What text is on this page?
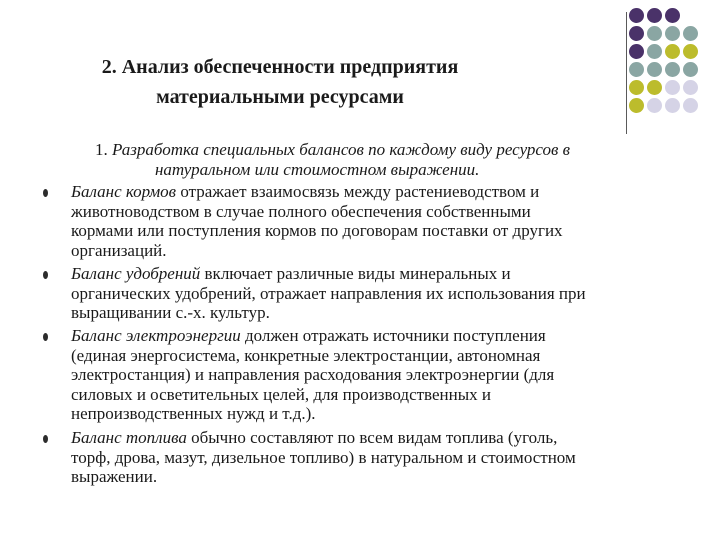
2. Анализ обеспеченности предприятия
материальными ресурсами
1. Разработка специальных балансов по каждому виду ресурсов в
натуральном или стоимостном выражении.
Баланс кормов отражает взаимосвязь между растениеводством и
животноводством в случае полного обеспечения собственными
кормами или поступления кормов по договорам поставки от других
организаций.
Баланс удобрений включает различные виды минеральных и
органических удобрений, отражает направления их использования при
выращивании с.-х. культур.
Баланс электроэнергии должен отражать источники поступления
(единая энергосистема, конкретные электростанции, автономная
электростанция) и направления расходования электроэнергии (для
силовых и осветительных целей, для производственных и
непроизводственных нужд и т.д.).
Баланс топлива обычно составляют по всем видам топлива (уголь,
торф, дрова, мазут, дизельное топливо) в натуральном и стоимостном
выражении.
